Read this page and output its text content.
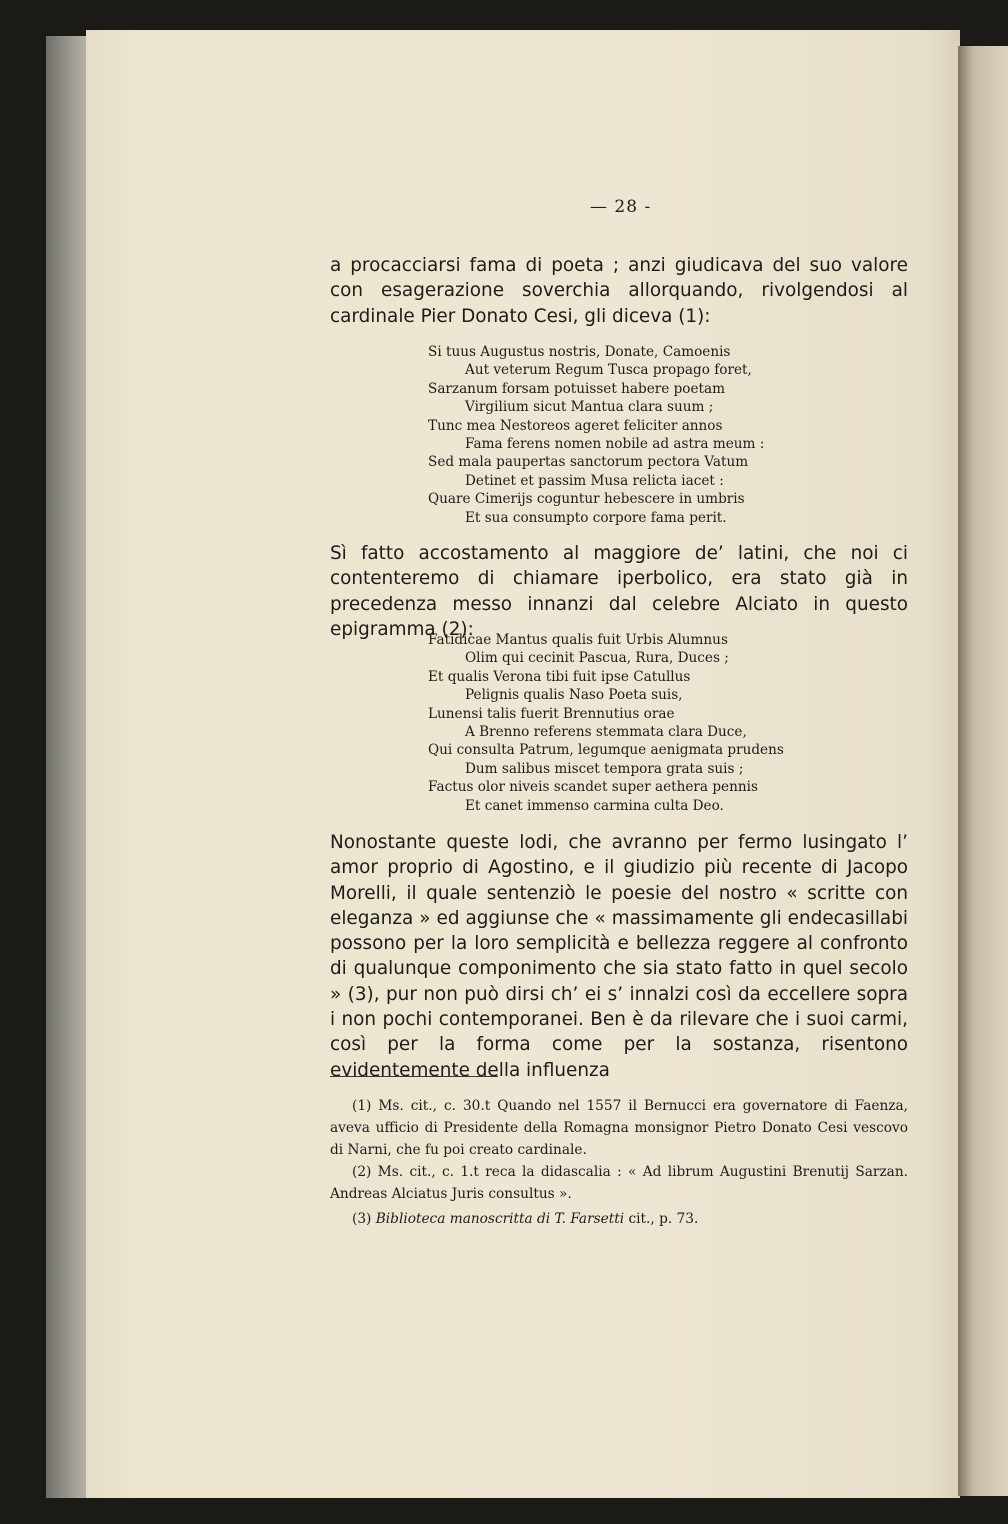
— 28 -

a procacciarsi fama di poeta ; anzi giudicava del suo valore con esagerazione soverchia allorquando, rivolgendosi al cardinale Pier Donato Cesi, gli diceva (1):

Si tuus Augustus nostris, Donate, Camoenis
Aut veterum Regum Tusca propago foret,
Sarzanum forsam potuisset habere poetam
Virgilium sicut Mantua clara suum ;
Tunc mea Nestoreos ageret feliciter annos
Fama ferens nomen nobile ad astra meum :
Sed mala paupertas sanctorum pectora Vatum
Detinet et passim Musa relicta iacet :
Quare Cimerijs coguntur hebescere in umbris
Et sua consumpto corpore fama perit.

Sì fatto accostamento al maggiore de’ latini, che noi ci contenteremo di chiamare iperbolico, era stato già in precedenza messo innanzi dal celebre Alciato in questo epigramma (2):

Fatidicae Mantus qualis fuit Urbis Alumnus
Olim qui cecinit Pascua, Rura, Duces ;
Et qualis Verona tibi fuit ipse Catullus
Pelignis qualis Naso Poeta suis,
Lunensi talis fuerit Brennutius orae
A Brenno referens stemmata clara Duce,
Qui consulta Patrum, legumque aenigmata prudens
Dum salibus miscet tempora grata suis ;
Factus olor niveis scandet super aethera pennis
Et canet immenso carmina culta Deo.

Nonostante queste lodi, che avranno per fermo lusingato l’ amor proprio di Agostino, e il giudizio più recente di Jacopo Morelli, il quale sentenziò le poesie del nostro « scritte con eleganza » ed aggiunse che « massimamente gli endecasillabi possono per la loro semplicità e bellezza reggere al confronto di qualunque componimento che sia stato fatto in quel secolo » (3), pur non può dirsi ch’ ei s’ innalzi così da eccellere sopra i non pochi contemporanei. Ben è da rilevare che i suoi carmi, così per la forma come per la sostanza, risentono evidentemente della influenza

(1) Ms. cit., c. 30.t Quando nel 1557 il Bernucci era governatore di Faenza, aveva ufficio di Presidente della Romagna monsignor Pietro Donato Cesi vescovo di Narni, che fu poi creato cardinale.

(2) Ms. cit., c. 1.t reca la didascalia : « Ad librum Augustini Brenutij Sarzan. Andreas Alciatus Juris consultus ».

(3) Biblioteca manoscritta di T. Farsetti cit., p. 73.
